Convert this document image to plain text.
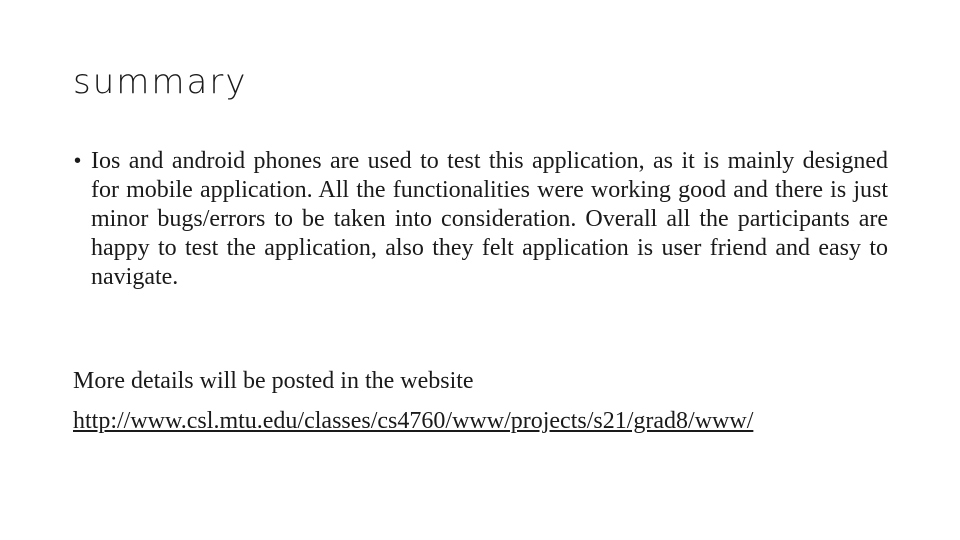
summary
• Ios and android phones are used to test this application, as it is mainly designed for mobile application. All the functionalities were working good and there is just minor bugs/errors to be taken into consideration. Overall all the participants are happy to test the application, also they felt application is user friend and easy to navigate.

More details will be posted in the website

http://www.csl.mtu.edu/classes/cs4760/www/projects/s21/grad8/www/
